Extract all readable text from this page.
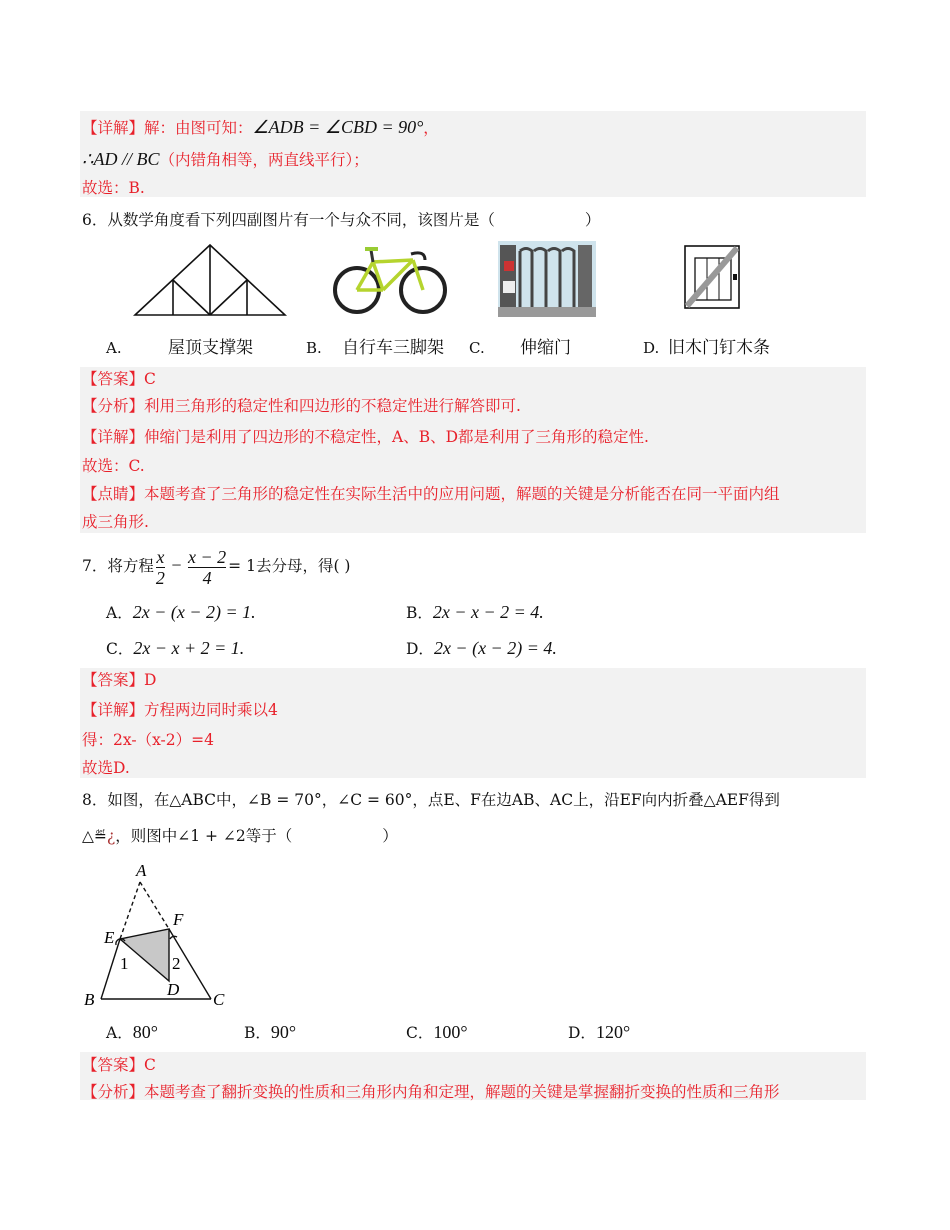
【详解】解：由图可知：∠ADB = ∠CBD = 90°，
∴AD // BC（内错角相等，两直线平行）；
故选：B.
6．从数学角度看下列四副图片有一个与众不同，该图片是（	）
A.	屋顶支撑架	B. 自行车三脚架 C. 伸缩门	D. 旧木门钉木条
【答案】C
【分析】利用三角形的稳定性和四边形的不稳定性进行解答即可.
【详解】伸缩门是利用了四边形的不稳定性，A、B、D都是利用了三角形的稳定性.
故选：C.
【点睛】本题考查了三角形的稳定性在实际生活中的应用问题，解题的关键是分析能否在同一平面内组
成三角形.
7．将方程 $\frac{x}{2} - \frac{x - 2}{4} = 1$去分母，得( )
A．2x − (x − 2) = 1.	B．2x − x − 2 = 4.
C．2x − x + 2 = 1.	D．2x − (x − 2) = 4.
【答案】D
【详解】方程两边同时乘以4
得：2x-（x-2）=4
故选D.
8．如图，在△ABC中，∠B = 70°，∠C = 60°，点E、F在边AB、AC上，沿EF向内折叠△AEF得到
△≝¿，则图中∠1 + ∠2等于（	）
A
E
F
1	2
D
B	C
A．80°	B．90°	C．100°	D．120°
【答案】C
【分析】本题考查了翻折变换的性质和三角形内角和定理，解题的关键是掌握翻折变换的性质和三角形
